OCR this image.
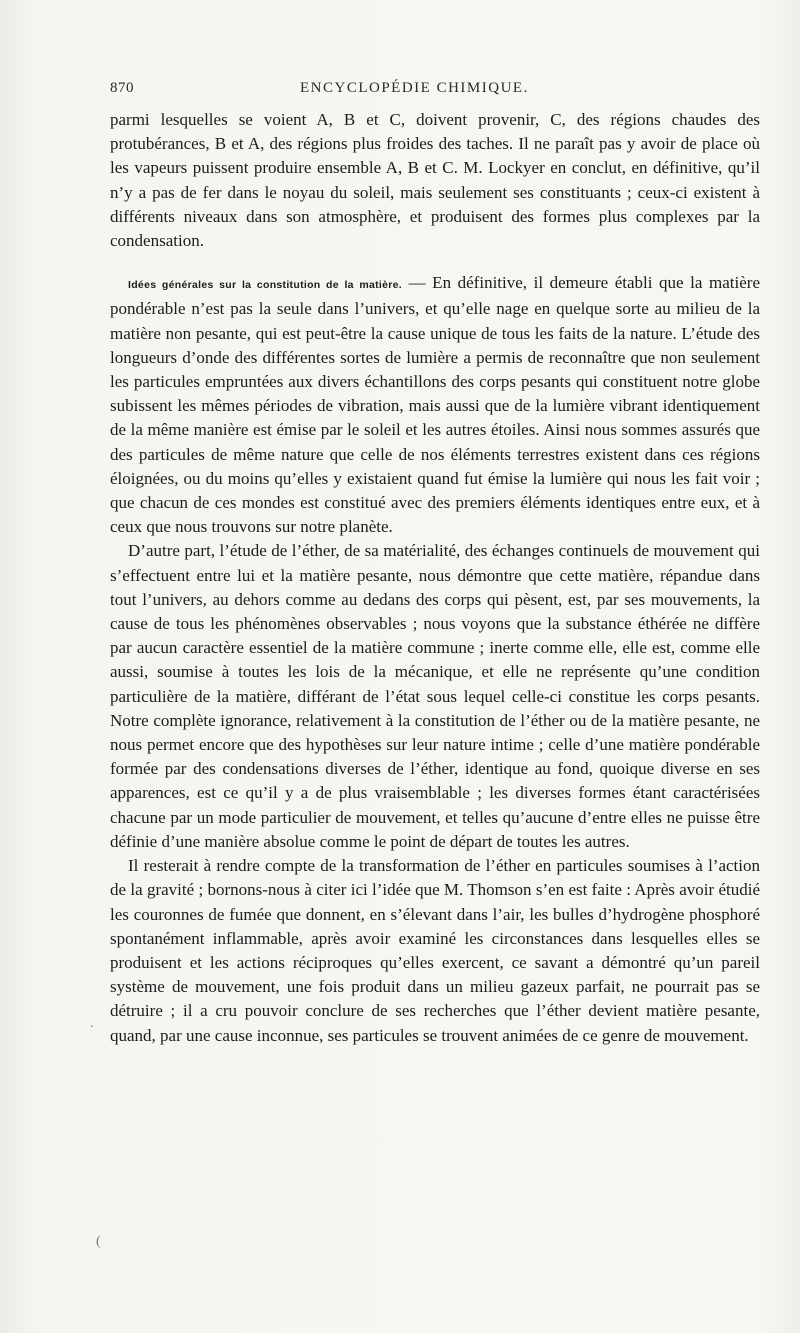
870	ENCYCLOPÉDIE CHIMIQUE.

parmi lesquelles se voient A, B et C, doivent provenir, C, des régions chaudes des protubérances, B et A, des régions plus froides des taches. Il ne paraît pas y avoir de place où les vapeurs puissent produire ensemble A, B et C. M. Lockyer en conclut, en définitive, qu’il n’y a pas de fer dans le noyau du soleil, mais seulement ses constituants ; ceux-ci existent à différents niveaux dans son atmosphère, et produisent des formes plus complexes par la condensation.

Idées générales sur la constitution de la matière. — En définitive, il demeure établi que la matière pondérable n’est pas la seule dans l’univers, et qu’elle nage en quelque sorte au milieu de la matière non pesante, qui est peut-être la cause unique de tous les faits de la nature. L’étude des longueurs d’onde des différentes sortes de lumière a permis de reconnaître que non seulement les particules empruntées aux divers échantillons des corps pesants qui constituent notre globe subissent les mêmes périodes de vibration, mais aussi que de la lumière vibrant identiquement de la même manière est émise par le soleil et les autres étoiles. Ainsi nous sommes assurés que des particules de même nature que celle de nos éléments terrestres existent dans ces régions éloignées, ou du moins qu’elles y existaient quand fut émise la lumière qui nous les fait voir ; que chacun de ces mondes est constitué avec des premiers éléments identiques entre eux, et à ceux que nous trouvons sur notre planète.

D’autre part, l’étude de l’éther, de sa matérialité, des échanges continuels de mouvement qui s’effectuent entre lui et la matière pesante, nous démontre que cette matière, répandue dans tout l’univers, au dehors comme au dedans des corps qui pèsent, est, par ses mouvements, la cause de tous les phénomènes observables ; nous voyons que la substance éthérée ne diffère par aucun caractère essentiel de la matière commune ; inerte comme elle, elle est, comme elle aussi, soumise à toutes les lois de la mécanique, et elle ne représente qu’une condition particulière de la matière, différant de l’état sous lequel celle-ci constitue les corps pesants. Notre complète ignorance, relativement à la constitution de l’éther ou de la matière pesante, ne nous permet encore que des hypothèses sur leur nature intime ; celle d’une matière pondérable formée par des condensations diverses de l’éther, identique au fond, quoique diverse en ses apparences, est ce qu’il y a de plus vraisemblable ; les diverses formes étant caractérisées chacune par un mode particulier de mouvement, et telles qu’aucune d’entre elles ne puisse être définie d’une manière absolue comme le point de départ de toutes les autres.

Il resterait à rendre compte de la transformation de l’éther en particules soumises à l’action de la gravité ; bornons-nous à citer ici l’idée que M. Thomson s’en est faite : Après avoir étudié les couronnes de fumée que donnent, en s’élevant dans l’air, les bulles d’hydrogène phosphoré spontanément inflammable, après avoir examiné les circonstances dans lesquelles elles se produisent et les actions réciproques qu’elles exercent, ce savant a démontré qu’un pareil système de mouvement, une fois produit dans un milieu gazeux parfait, ne pourrait pas se détruire ; il a cru pouvoir conclure de ses recherches que l’éther devient matière pesante, quand, par une cause inconnue, ses particules se trouvent animées de ce genre de mouvement.

.
(
